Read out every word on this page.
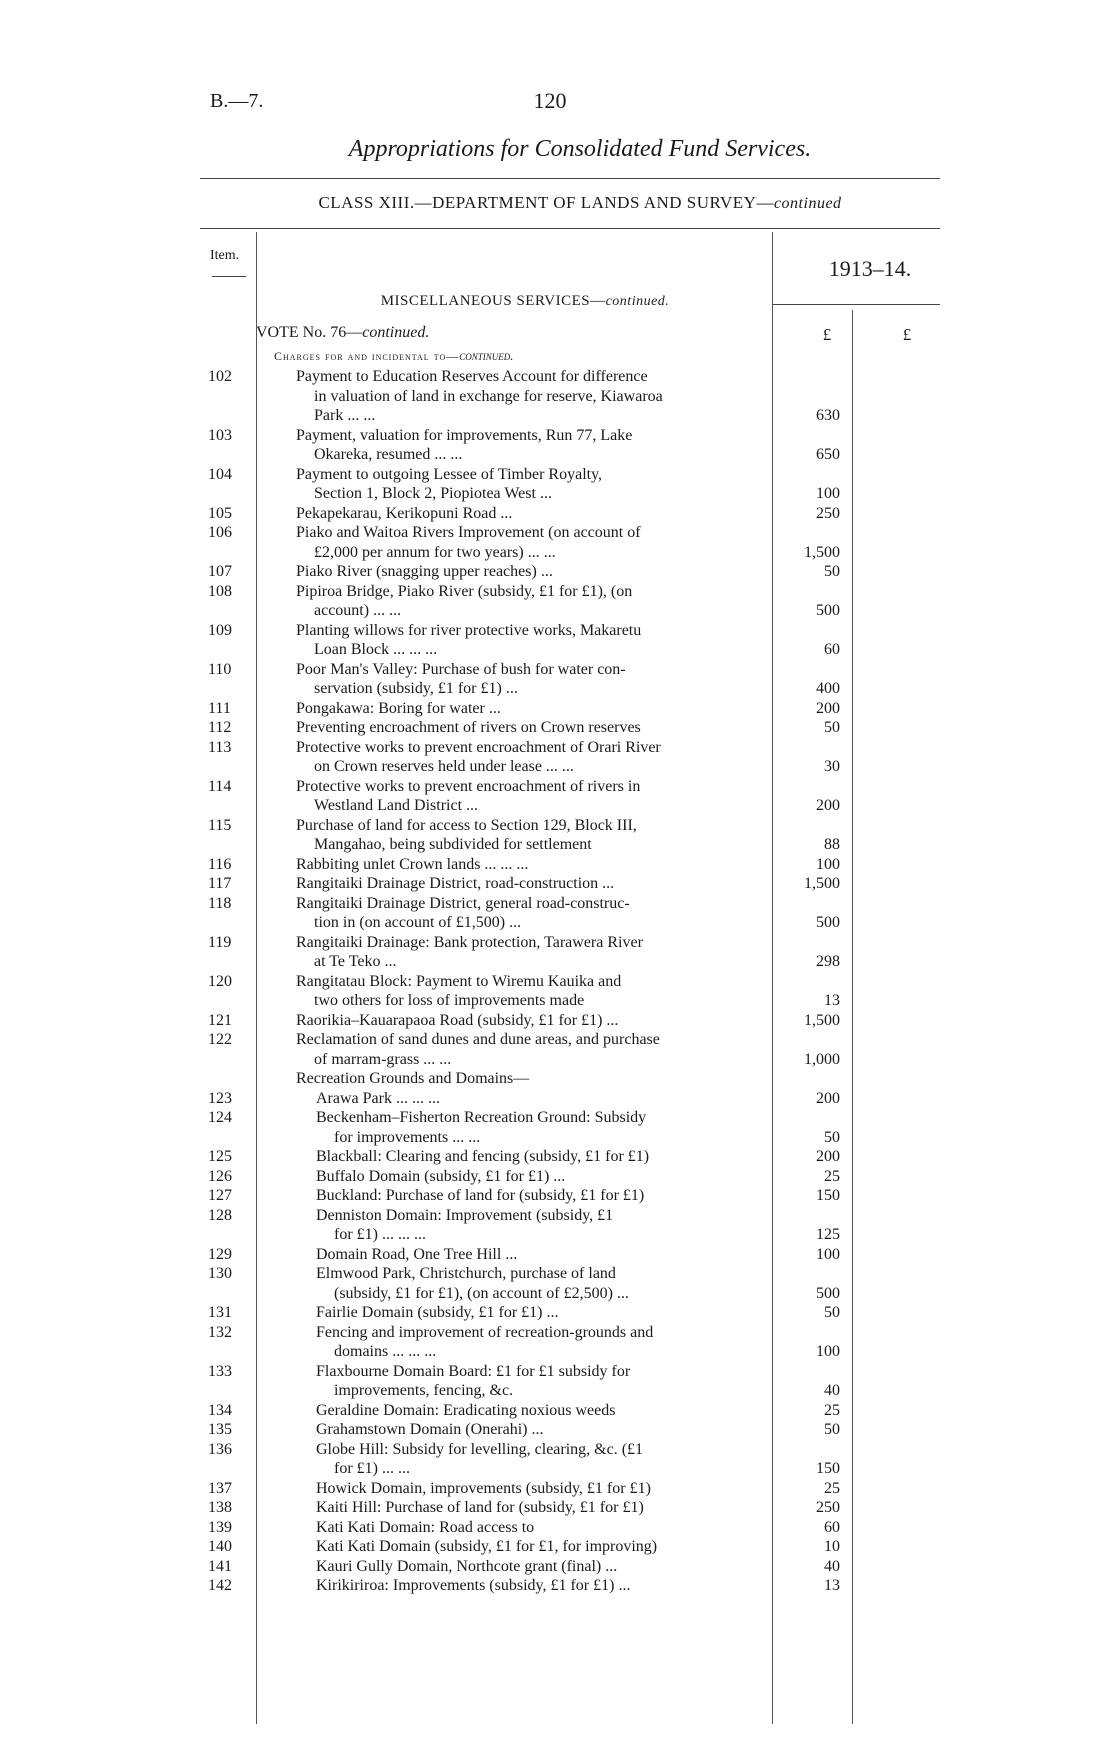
B.—7.	120
Appropriations for Consolidated Fund Services.
CLASS XIII.—DEPARTMENT OF LANDS AND SURVEY—continued
Item.
1913–14.
MISCELLANEOUS SERVICES—continued.
VOTE No. 76—continued.	£	£
Charges for and incidental to—continued.
102	Payment to Education Reserves Account for difference
in valuation of land in exchange for reserve, Kiawaroa
Park ... ...	630
103	Payment, valuation for improvements, Run 77, Lake
Okareka, resumed ... ...	650
104	Payment to outgoing Lessee of Timber Royalty,
Section 1, Block 2, Piopiotea West ...	100
105	Pekapekarau, Kerikopuni Road ...	250
106	Piako and Waitoa Rivers Improvement (on account of
£2,000 per annum for two years) ... ...	1,500
107	Piako River (snagging upper reaches) ...	50
108	Pipiroa Bridge, Piako River (subsidy, £1 for £1), (on
account) ... ...	500
109	Planting willows for river protective works, Makaretu
Loan Block ... ... ...	60
110	Poor Man's Valley: Purchase of bush for water con-
servation (subsidy, £1 for £1) ...	400
111	Pongakawa: Boring for water ...	200
112	Preventing encroachment of rivers on Crown reserves	50
113	Protective works to prevent encroachment of Orari River
on Crown reserves held under lease ... ...	30
114	Protective works to prevent encroachment of rivers in
Westland Land District ...	200
115	Purchase of land for access to Section 129, Block III,
Mangahao, being subdivided for settlement	88
116	Rabbiting unlet Crown lands ... ... ...	100
117	Rangitaiki Drainage District, road-construction ...	1,500
118	Rangitaiki Drainage District, general road-construc-
tion in (on account of £1,500) ...	500
119	Rangitaiki Drainage: Bank protection, Tarawera River
at Te Teko ...	298
120	Rangitatau Block: Payment to Wiremu Kauika and
two others for loss of improvements made	13
121	Raorikia–Kauarapaoa Road (subsidy, £1 for £1) ...	1,500
122	Reclamation of sand dunes and dune areas, and purchase
of marram-grass ... ...	1,000
Recreation Grounds and Domains—
123	Arawa Park ... ... ...	200
124	Beckenham–Fisherton Recreation Ground: Subsidy
for improvements ... ...	50
125	Blackball: Clearing and fencing (subsidy, £1 for £1)	200
126	Buffalo Domain (subsidy, £1 for £1) ...	25
127	Buckland: Purchase of land for (subsidy, £1 for £1)	150
128	Denniston Domain: Improvement (subsidy, £1
for £1) ... ... ...	125
129	Domain Road, One Tree Hill ...	100
130	Elmwood Park, Christchurch, purchase of land
(subsidy, £1 for £1), (on account of £2,500) ...	500
131	Fairlie Domain (subsidy, £1 for £1) ...	50
132	Fencing and improvement of recreation-grounds and
domains ... ... ...	100
133	Flaxbourne Domain Board: £1 for £1 subsidy for
improvements, fencing, &c.	40
134	Geraldine Domain: Eradicating noxious weeds	25
135	Grahamstown Domain (Onerahi) ...	50
136	Globe Hill: Subsidy for levelling, clearing, &c. (£1
for £1) ... ...	150
137	Howick Domain, improvements (subsidy, £1 for £1)	25
138	Kaiti Hill: Purchase of land for (subsidy, £1 for £1)	250
139	Kati Kati Domain: Road access to	60
140	Kati Kati Domain (subsidy, £1 for £1, for improving)	10
141	Kauri Gully Domain, Northcote grant (final) ...	40
142	Kirikiriroa: Improvements (subsidy, £1 for £1) ...	13
